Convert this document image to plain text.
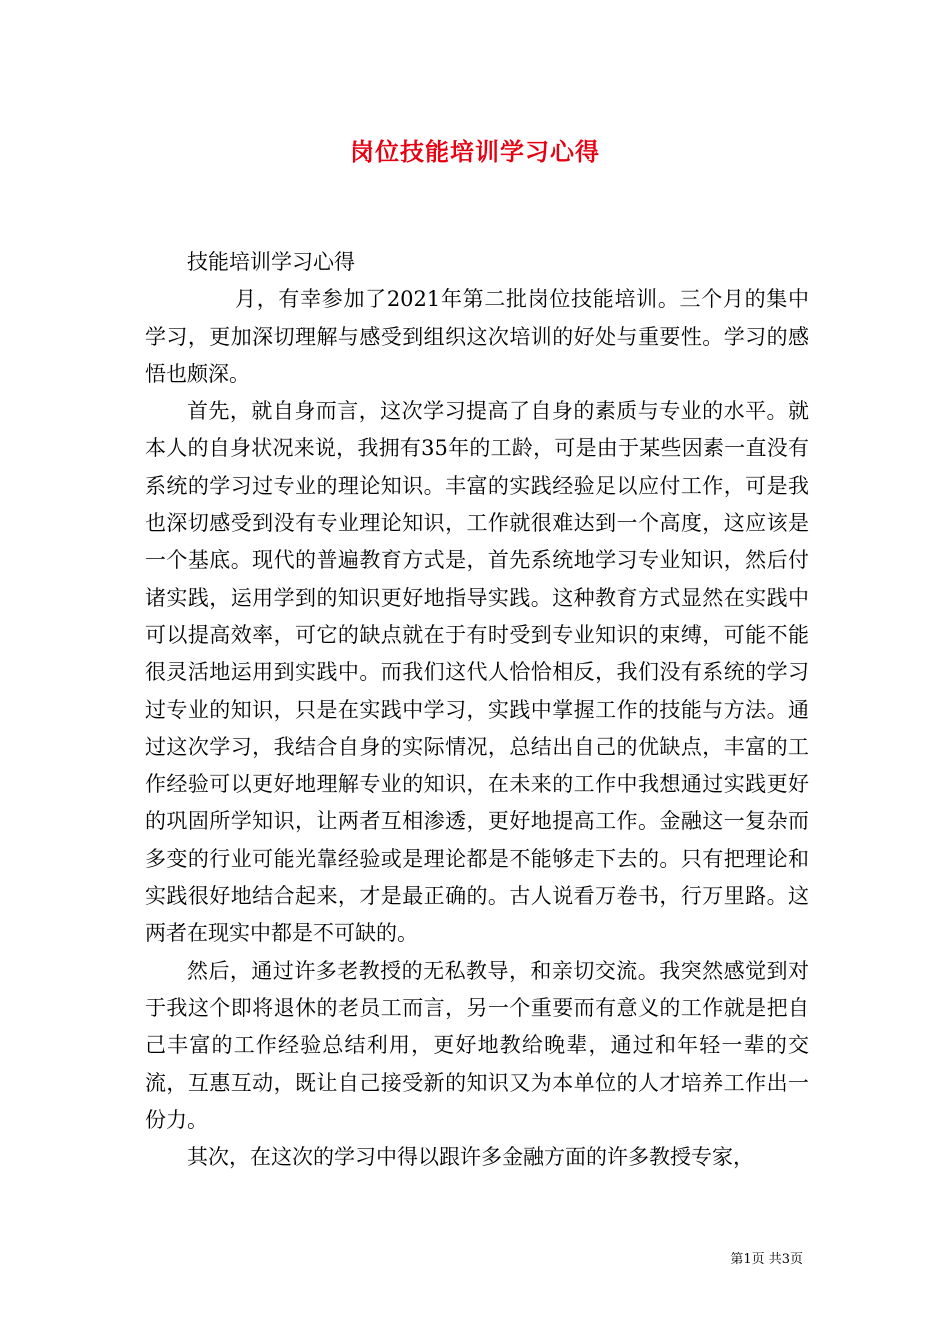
岗位技能培训学习心得

技能培训学习心得

月，有幸参加了2021年第二批岗位技能培训。三个月的集中学习，更加深切理解与感受到组织这次培训的好处与重要性。学习的感悟也颇深。

首先，就自身而言，这次学习提高了自身的素质与专业的水平。就本人的自身状况来说，我拥有35年的工龄，可是由于某些因素一直没有系统的学习过专业的理论知识。丰富的实践经验足以应付工作，可是我也深切感受到没有专业理论知识，工作就很难达到一个高度，这应该是一个基底。现代的普遍教育方式是，首先系统地学习专业知识，然后付诸实践，运用学到的知识更好地指导实践。这种教育方式显然在实践中可以提高效率，可它的缺点就在于有时受到专业知识的束缚，可能不能很灵活地运用到实践中。而我们这代人恰恰相反，我们没有系统的学习过专业的知识，只是在实践中学习，实践中掌握工作的技能与方法。通过这次学习，我结合自身的实际情况，总结出自己的优缺点，丰富的工作经验可以更好地理解专业的知识，在未来的工作中我想通过实践更好的巩固所学知识，让两者互相渗透，更好地提高工作。金融这一复杂而多变的行业可能光靠经验或是理论都是不能够走下去的。只有把理论和实践很好地结合起来，才是最正确的。古人说看万卷书，行万里路。这两者在现实中都是不可缺的。

然后，通过许多老教授的无私教导，和亲切交流。我突然感觉到对于我这个即将退休的老员工而言，另一个重要而有意义的工作就是把自己丰富的工作经验总结利用，更好地教给晚辈，通过和年轻一辈的交流，互惠互动，既让自己接受新的知识又为本单位的人才培养工作出一份力。

其次，在这次的学习中得以跟许多金融方面的许多教授专家，

第1页 共3页
